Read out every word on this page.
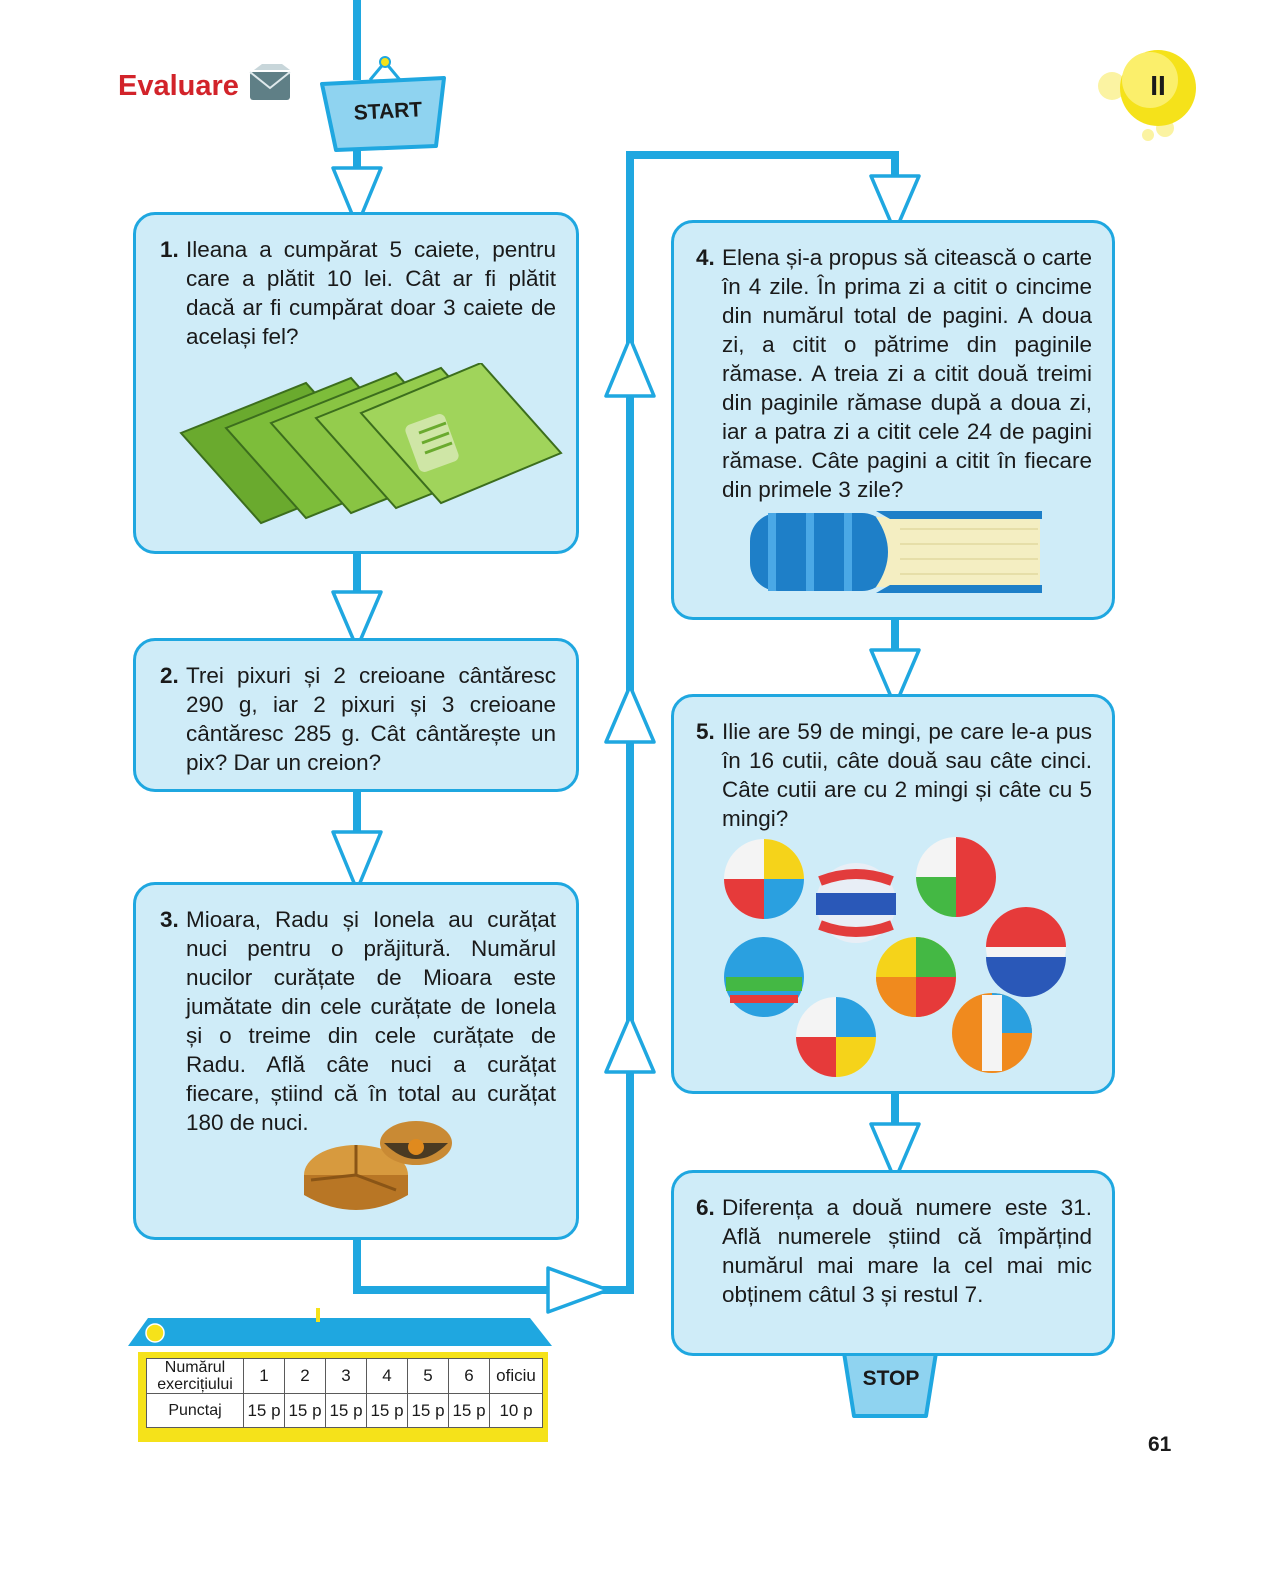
Evaluare	II
START
STOP
1. Ileana a cumpărat 5 caiete, pentru care a plătit 10 lei. Cât ar fi plătit dacă ar fi cumpărat doar 3 caiete de același fel?
2. Trei pixuri și 2 creioane cântăresc 290 g, iar 2 pixuri și 3 creioane cântăresc 285 g. Cât cântărește un pix? Dar un creion?
3. Mioara, Radu și Ionela au curățat nuci pentru o prăjitură. Numărul nucilor curățate de Mioara este jumătate din cele curățate de Ionela și o treime din cele curățate de Radu. Află câte nuci a curățat fiecare, știind că în total au curățat 180 de nuci.
4. Elena și-a propus să citească o carte în 4 zile. În prima zi a citit o cincime din numărul total de pagini. A doua zi, a citit o pătrime din paginile rămase. A treia zi a citit două treimi din paginile rămase după a doua zi, iar a patra zi a citit cele 24 de pagini rămase. Câte pagini a citit în fiecare din primele 3 zile?
5. Ilie are 59 de mingi, pe care le-a pus în 16 cutii, câte două sau câte cinci. Câte cutii are cu 2 mingi și câte cu 5 mingi?
6. Diferența a două numere este 31. Află numerele știind că împărțind numărul mai mare la cel mai mic obținem câtul 3 și restul 7.
Numărul exercițiului	1	2	3	4	5	6	oficiu
Punctaj	15 p	15 p	15 p	15 p	15 p	15 p	10 p
61
